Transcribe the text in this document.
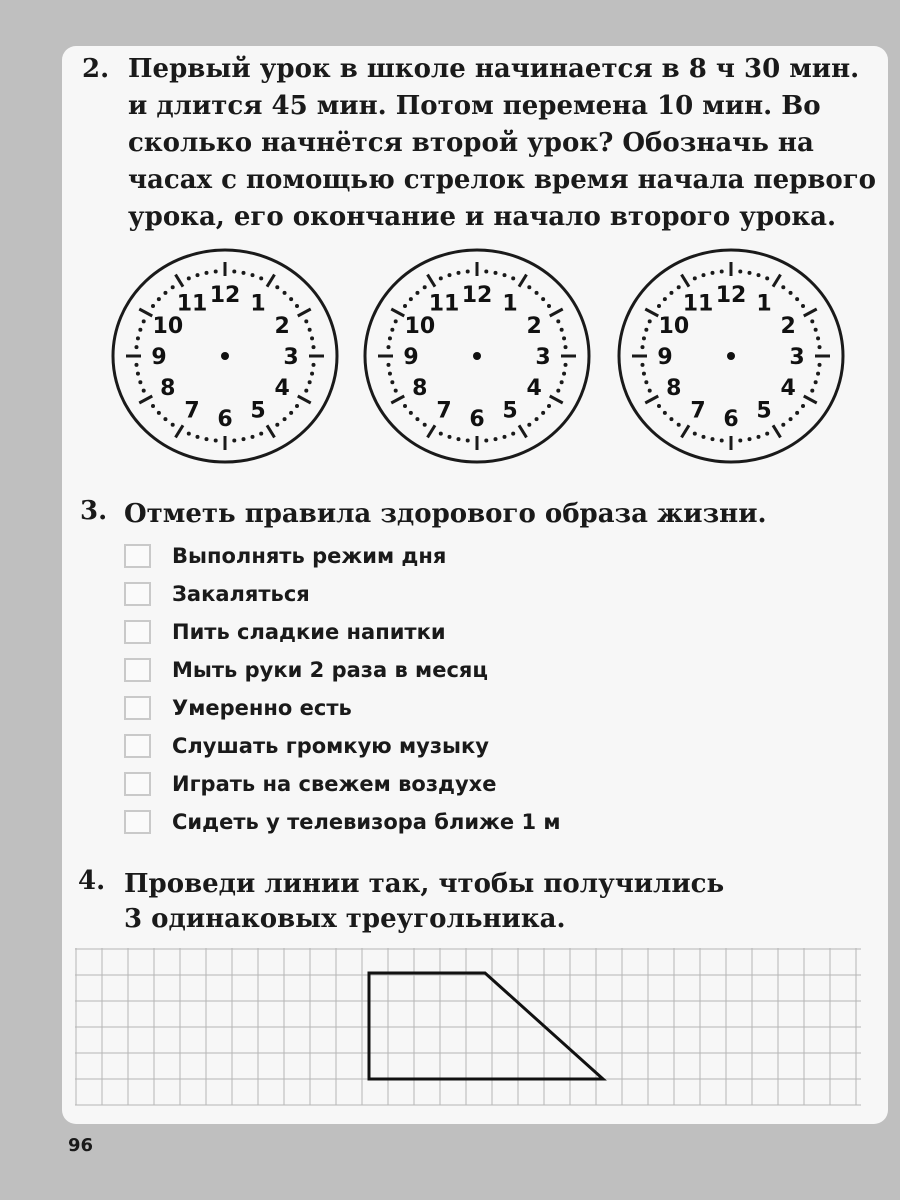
2. Первый урок в школе начинается в 8 ч 30 мин.
и длится 45 мин. Потом перемена 10 мин. Во
сколько начнётся второй урок? Обозначь на
часах с помощью стрелок время начала первого
урока, его окончание и начало второго урока.
12 1
2
3
4
5
6
7
8
9
10
11	12 1
2
3
4
5
6
7
8
9
10
11	12 1
2
3
4
5
6
7
8
9
10
11
3. Отметь правила здорового образа жизни.
Выполнять режим дня
Закаляться
Пить сладкие напитки
Мыть руки 2 раза в месяц
Умеренно есть
Слушать громкую музыку
Играть на свежем воздухе
Сидеть у телевизора ближе 1 м
4. Проведи линии так, чтобы получились
3 одинаковых треугольника.
96
